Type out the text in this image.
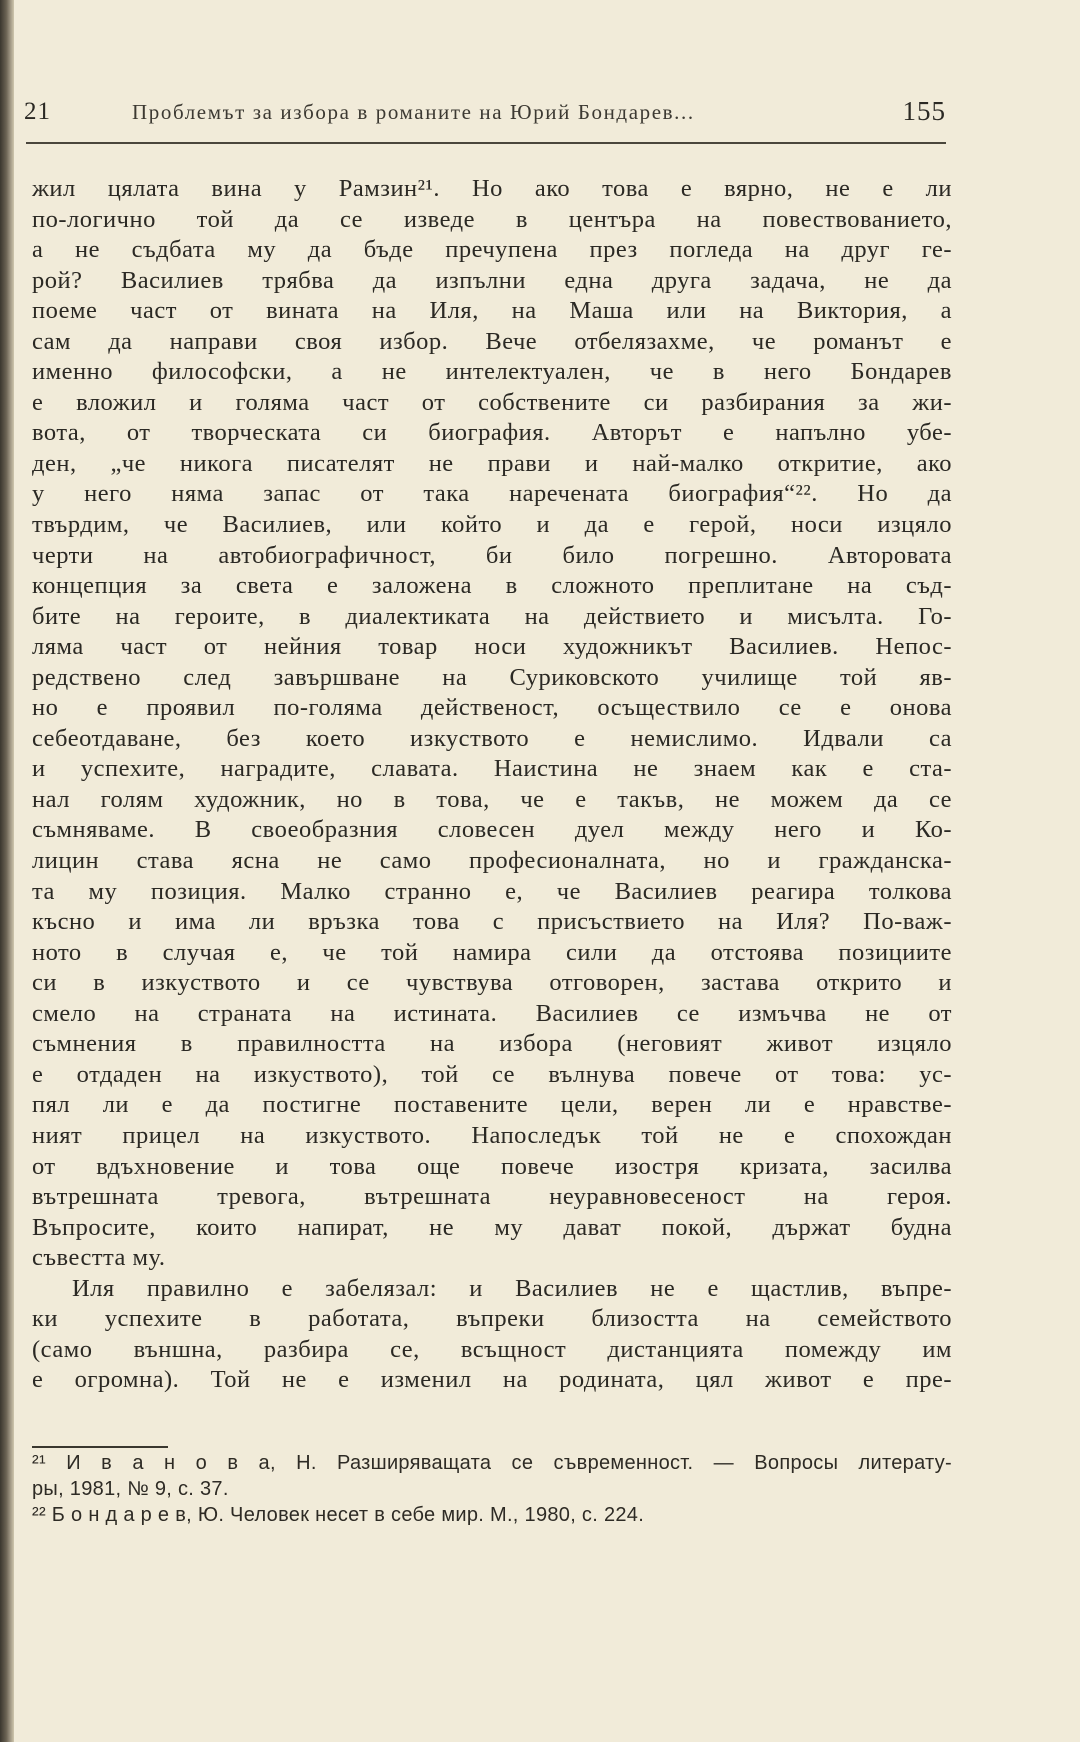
21	Проблемът за избора в романите на Юрий Бондарев...	155
жил цялата вина у Рамзин²¹. Но ако това е вярно, не е ли
по-логично той да се изведе в центъра на повествованието,
а не съдбата му да бъде пречупена през погледа на друг ге-
рой? Василиев трябва да изпълни една друга задача, не да
поеме част от вината на Иля, на Маша или на Виктория, а
сам да направи своя избор. Вече отбелязахме, че романът е
именно философски, а не интелектуален, че в него Бондарев
е вложил и голяма част от собствените си разбирания за жи-
вота, от творческата си биография. Авторът е напълно убе-
ден, „че никога писателят не прави и най-малко откритие, ако
у него няма запас от така наречената биография“²². Но да
твърдим, че Василиев, или който и да е герой, носи изцяло
черти на автобиографичност, би било погрешно. Авторовата
концепция за света е заложена в сложното преплитане на съд-
бите на героите, в диалектиката на действието и мисълта. Го-
ляма част от нейния товар носи художникът Василиев. Непос-
редствено след завършване на Суриковското училище той яв-
но е проявил по-голяма действеност, осъществило се е онова
себеотдаване, без което изкуството е немислимо. Идвали са
и успехите, наградите, славата. Наистина не знаем как е ста-
нал голям художник, но в това, че е такъв, не можем да се
съмняваме. В своеобразния словесен дуел между него и Ко-
лицин става ясна не само професионалната, но и гражданска-
та му позиция. Малко странно е, че Василиев реагира толкова
късно и има ли връзка това с присъствието на Иля? По-важ-
ното в случая е, че той намира сили да отстоява позициите
си в изкуството и се чувствува отговорен, застава открито и
смело на страната на истината. Василиев се измъчва не от
съмнения в правилността на избора (неговият живот изцяло
е отдаден на изкуството), той се вълнува повече от това: ус-
пял ли е да постигне поставените цели, верен ли е нравстве-
ният прицел на изкуството. Напоследък той не е спохождан
от вдъхновение и това още повече изостря кризата, засилва
вътрешната тревога, вътрешната неуравновесеност на героя.
Въпросите, които напират, не му дават покой, държат будна
съвестта му.
Иля правилно е забелязал: и Василиев не е щастлив, въпре-
ки успехите в работата, въпреки близостта на семейството
(само външна, разбира се, всъщност дистанцията помежду им
е огромна). Той не е изменил на родината, цял живот е пре-
²¹ И в а н о в а, Н. Разширяващата се съвременност. — Вопросы литерату-
ры, 1981, № 9, с. 37.
²² Б о н д а р е в, Ю. Человек несет в себе мир. М., 1980, с. 224.
